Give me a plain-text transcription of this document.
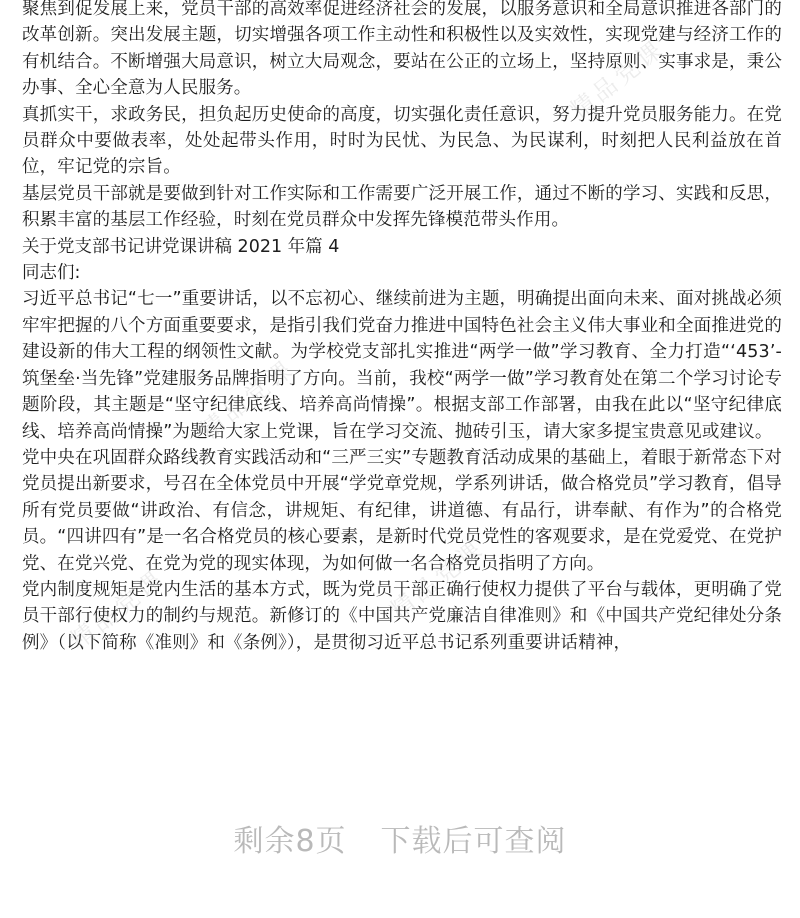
聚焦到促发展上来，党员干部的高效率促进经济社会的发展，以服务意识和全局意识推进各部门的改革创新。突出发展主题，切实增强各项工作主动性和积极性以及实效性，实现党建与经济工作的有机结合。不断增强大局意识，树立大局观念，要站在公正的立场上，坚持原则、实事求是，秉公办事、全心全意为人民服务。

真抓实干，求政务民，担负起历史使命的高度，切实强化责任意识，努力提升党员服务能力。在党员群众中要做表率，处处起带头作用，时时为民忧、为民急、为民谋利，时刻把人民利益放在首位，牢记党的宗旨。

基层党员干部就是要做到针对工作实际和工作需要广泛开展工作，通过不断的学习、实践和反思，积累丰富的基层工作经验，时刻在党员群众中发挥先锋模范带头作用。

关于党支部书记讲党课讲稿 2021 年篇 4

同志们:

习近平总书记“七一”重要讲话，以不忘初心、继续前进为主题，明确提出面向未来、面对挑战必须牢牢把握的八个方面重要要求，是指引我们党奋力推进中国特色社会主义伟大事业和全面推进党的建设新的伟大工程的纲领性文献。为学校党支部扎实推进“两学一做”学习教育、全力打造“‘453’-筑堡垒·当先锋”党建服务品牌指明了方向。当前，我校“两学一做”学习教育处在第二个学习讨论专题阶段，其主题是“坚守纪律底线、培养高尚情操”。根据支部工作部署，由我在此以“坚守纪律底线、培养高尚情操”为题给大家上党课，旨在学习交流、抛砖引玉，请大家多提宝贵意见或建议。

党中央在巩固群众路线教育实践活动和“三严三实”专题教育活动成果的基础上，着眼于新常态下对党员提出新要求，号召在全体党员中开展“学党章党规，学系列讲话，做合格党员”学习教育，倡导所有党员要做“讲政治、有信念，讲规矩、有纪律，讲道德、有品行，讲奉献、有作为”的合格党员。“四讲四有”是一名合格党员的核心要素，是新时代党员党性的客观要求，是在党爱党、在党护党、在党兴党、在党为党的现实体现，为如何做一名合格党员指明了方向。

党内制度规矩是党内生活的基本方式，既为党员干部正确行使权力提供了平台与载体，更明确了党员干部行使权力的制约与规范。新修订的《中国共产党廉洁自律准则》和《中国共产党纪律处分条例》（以下简称《准则》和《条例》），是贯彻习近平总书记系列重要讲话精神，

精品党课
精品党课
精品党课
精品党课
剩余8页 下载后可查阅
